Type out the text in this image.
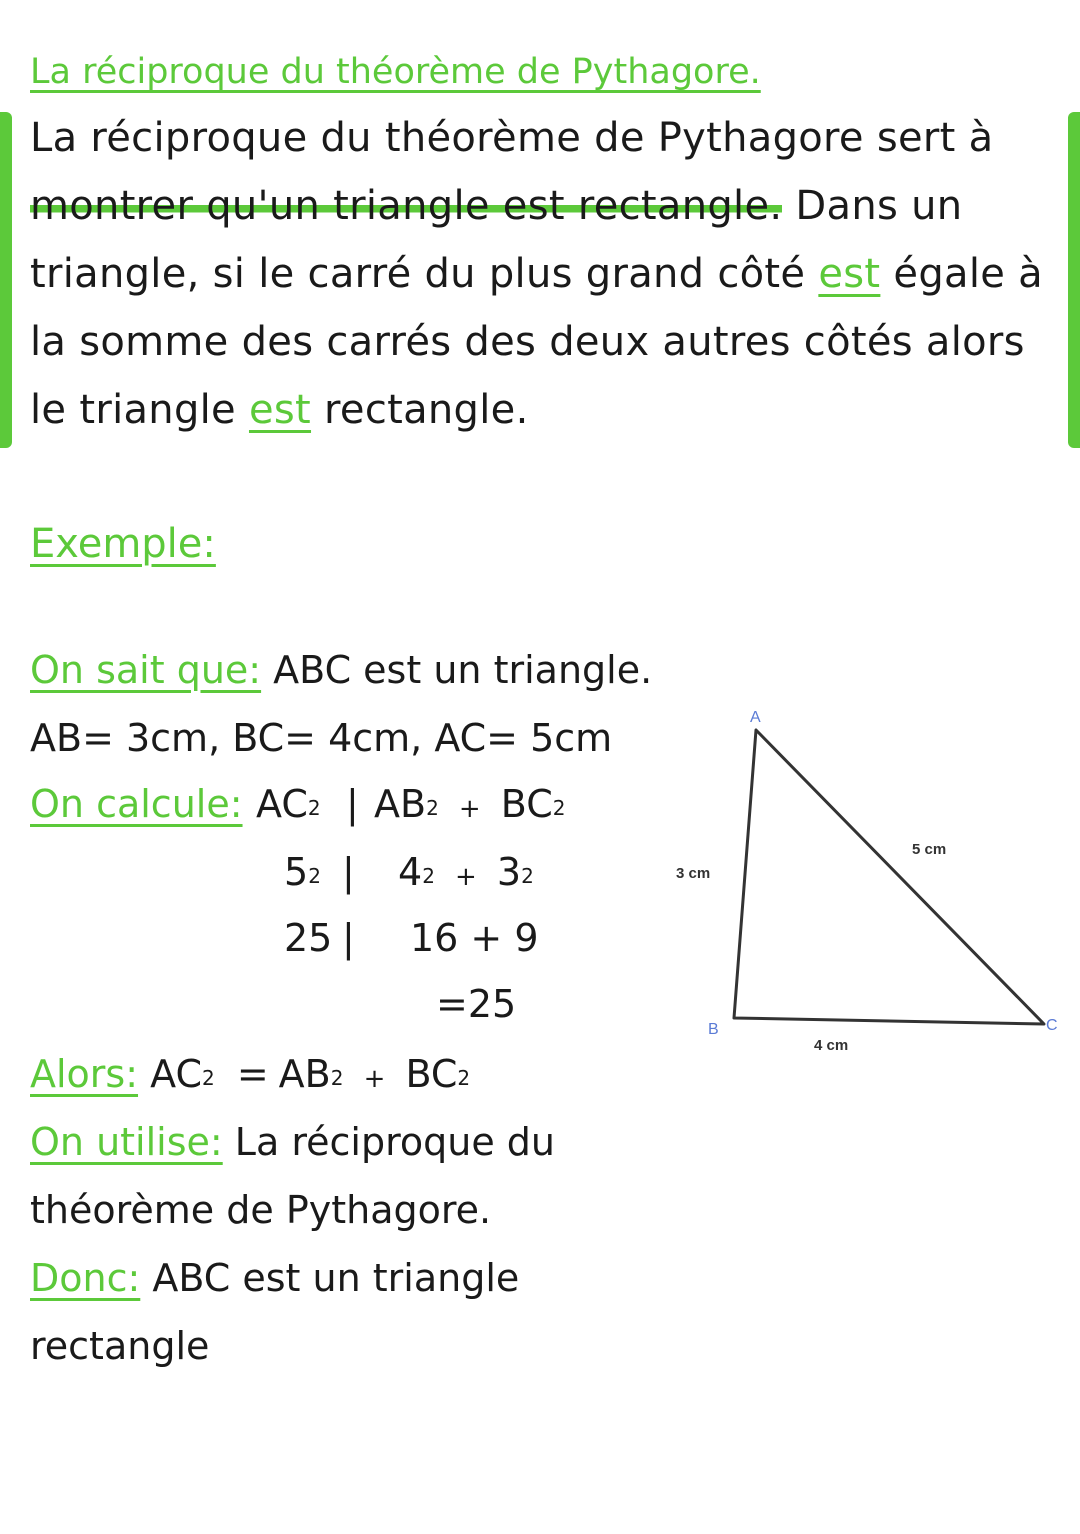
La réciproque du théorème de Pythagore.

La réciproque du théorème de Pythagore sert à montrer qu'un triangle est rectangle. Dans un triangle, si le carré du plus grand côté est égale à la somme des carrés des deux autres côtés alors le triangle est rectangle.

Exemple:
On sait que: ABC est un triangle.
AB= 3cm, BC= 4cm, AC= 5cm
On calcule: $AC^2$ | $AB^2 + BC^2$
$5^2$ | $4^2 + 3^2$
25 | 16 + 9
=25
Alors: $AC^2 = AB^2 + BC^2$
On utilise: La réciproque du
théorème de Pythagore.
Donc: ABC est un triangle
rectangle
A
B	C
3 cm
4 cm
5 cm
